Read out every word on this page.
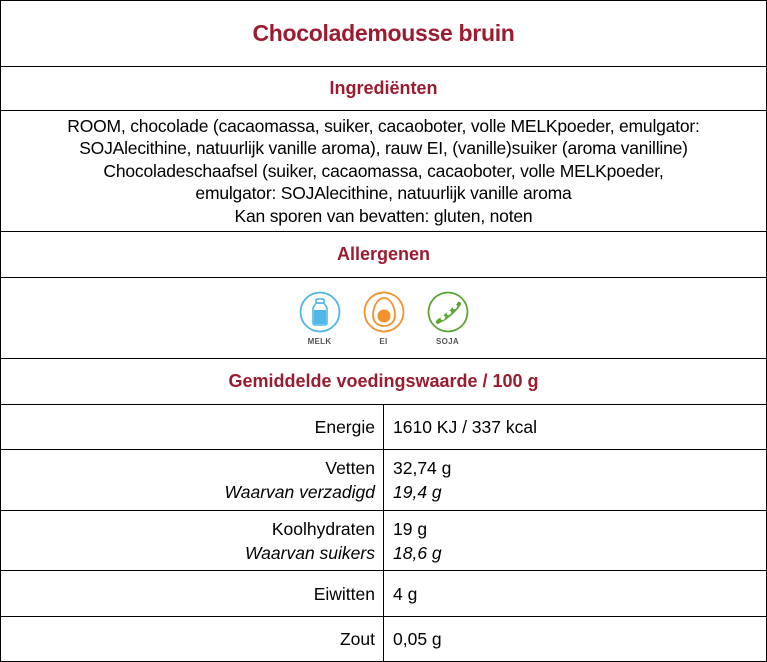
Chocolademousse bruin
Ingrediënten
ROOM, chocolade (cacaomassa, suiker, cacaoboter, volle MELKpoeder, emulgator:
SOJAlecithine, natuurlijk vanille aroma), rauw EI, (vanille)suiker (aroma vanilline)
Chocoladeschaafsel (suiker, cacaomassa, cacaoboter, volle MELKpoeder,
emulgator: SOJAlecithine, natuurlijk vanille aroma
Kan sporen van bevatten: gluten, noten
Allergenen
MELK	EI	SOJA
Gemiddelde voedingswaarde / 100 g
Energie 1610 KJ / 337 kcal
Vetten
Waarvan verzadigd
32,74 g
19,4 g
Koolhydraten
Waarvan suikers
19 g
18,6 g
Eiwitten 4 g
Zout 0,05 g
